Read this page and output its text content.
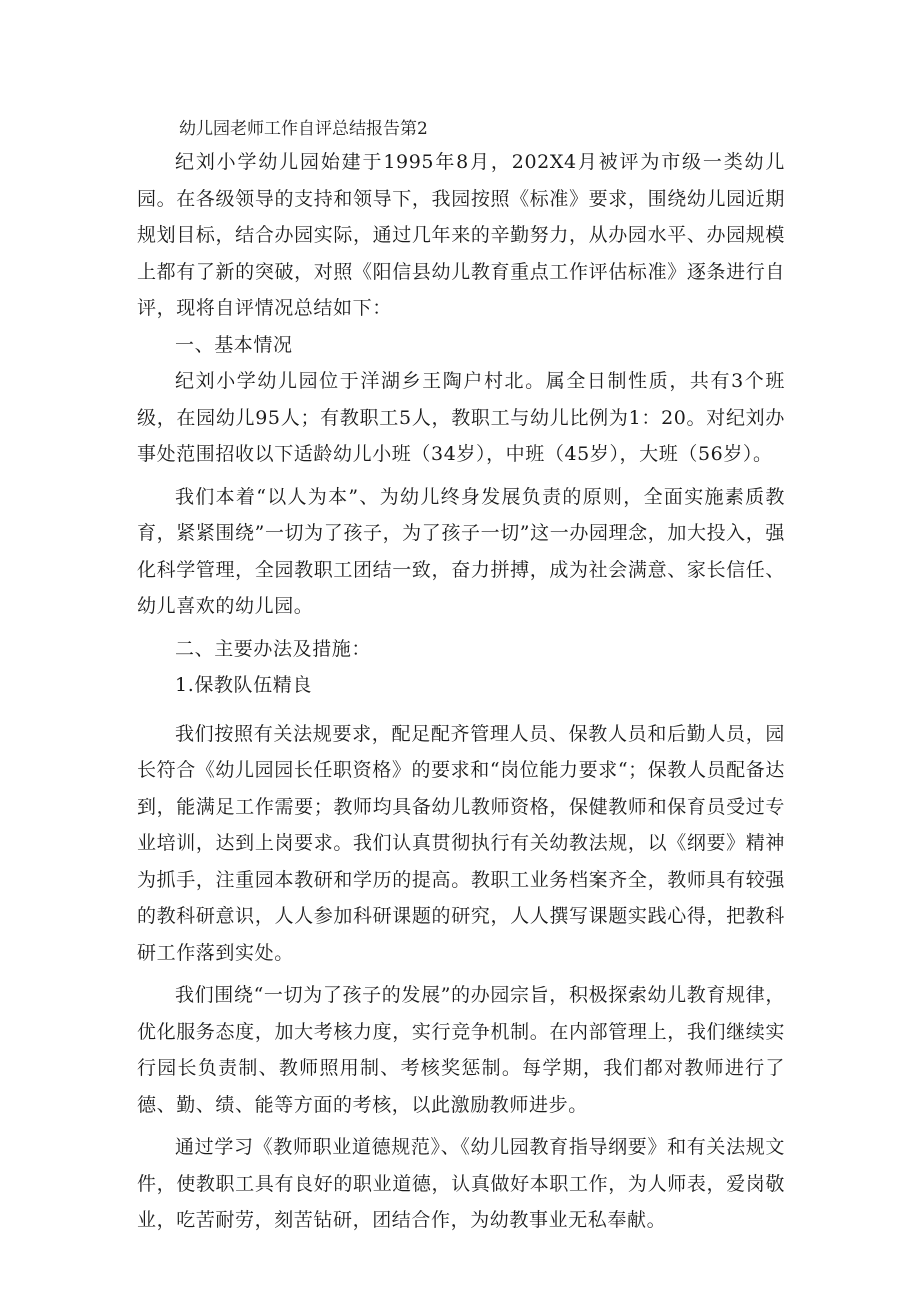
幼儿园老师工作自评总结报告第2

纪刘小学幼儿园始建于1995年8月，202X4月被评为市级一类幼儿园。在各级领导的支持和领导下，我园按照《标准》要求，围绕幼儿园近期规划目标，结合办园实际，通过几年来的辛勤努力，从办园水平、办园规模上都有了新的突破，对照《阳信县幼儿教育重点工作评估标准》逐条进行自评，现将自评情况总结如下：

一、基本情况

纪刘小学幼儿园位于洋湖乡王陶户村北。属全日制性质，共有3个班级，在园幼儿95人；有教职工5人，教职工与幼儿比例为1：20。对纪刘办事处范围招收以下适龄幼儿小班（34岁），中班（45岁），大班（56岁）。

我们本着“以人为本”、为幼儿终身发展负责的原则，全面实施素质教育，紧紧围绕”一切为了孩子，为了孩子一切”这一办园理念，加大投入，强化科学管理，全园教职工团结一致，奋力拼搏，成为社会满意、家长信任、幼儿喜欢的幼儿园。

二、主要办法及措施：

1.保教队伍精良

我们按照有关法规要求，配足配齐管理人员、保教人员和后勤人员，园长符合《幼儿园园长任职资格》的要求和“岗位能力要求“；保教人员配备达到，能满足工作需要；教师均具备幼儿教师资格，保健教师和保育员受过专业培训，达到上岗要求。我们认真贯彻执行有关幼教法规，以《纲要》精神为抓手，注重园本教研和学历的提高。教职工业务档案齐全，教师具有较强的教科研意识，人人参加科研课题的研究，人人撰写课题实践心得，把教科研工作落到实处。

我们围绕“一切为了孩子的发展”的办园宗旨，积极探索幼儿教育规律，优化服务态度，加大考核力度，实行竞争机制。在内部管理上，我们继续实行园长负责制、教师照用制、考核奖惩制。每学期，我们都对教师进行了德、勤、绩、能等方面的考核，以此激励教师进步。

通过学习《教师职业道德规范》、《幼儿园教育指导纲要》和有关法规文件，使教职工具有良好的职业道德，认真做好本职工作，为人师表，爱岗敬业，吃苦耐劳，刻苦钻研，团结合作，为幼教事业无私奉献。
